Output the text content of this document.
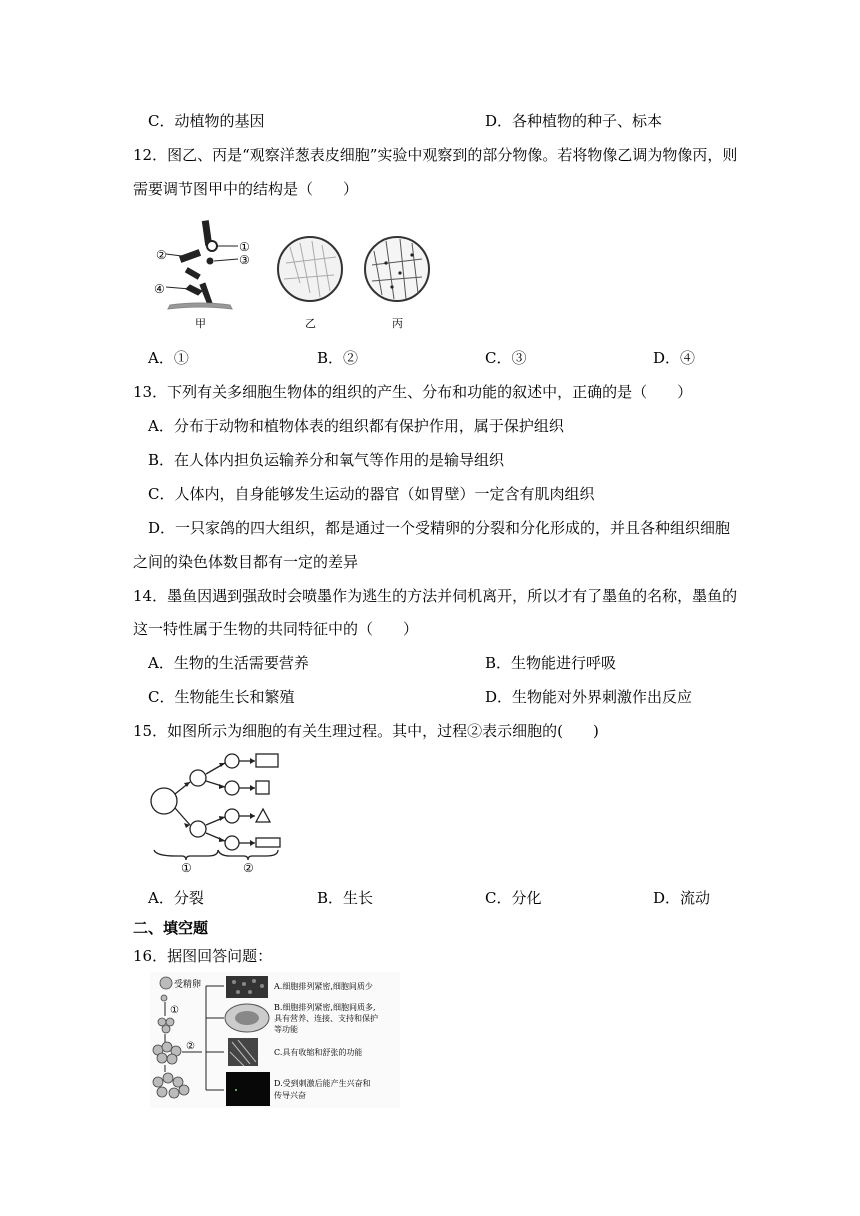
C．动植物的基因	D．各种植物的种子、标本
12．图乙、丙是“观察洋葱表皮细胞”实验中观察到的部分物像。若将物像乙调为物像丙，则
需要调节图甲中的结构是（　　）
②
①
③
④
甲	乙	丙
A．①	B．②	C．③	D．④
13．下列有关多细胞生物体的组织的产生、分布和功能的叙述中，正确的是（　　）
A．分布于动物和植物体表的组织都有保护作用，属于保护组织
B．在人体内担负运输养分和氧气等作用的是输导组织
C．人体内，自身能够发生运动的器官（如胃壁）一定含有肌肉组织
D．一只家鸽的四大组织，都是通过一个受精卵的分裂和分化形成的，并且各种组织细胞
之间的染色体数目都有一定的差异
14．墨鱼因遇到强敌时会喷墨作为逃生的方法并伺机离开，所以才有了墨鱼的名称，墨鱼的
这一特性属于生物的共同特征中的（　　）
A．生物的生活需要营养	B．生物能进行呼吸
C．生物能生长和繁殖	D．生物能对外界刺激作出反应
15．如图所示为细胞的有关生理过程。其中，过程②表示细胞的(　　)
①	②
A．分裂	B．生长	C．分化	D．流动
二、填空题
16．据图回答问题：
受精卵
①
②
A.细胞排列紧密,细胞间质少
B.细胞排列紧密,细胞间质多,
具有营养、连接、支持和保护
等功能
C.具有收缩和舒张的功能
D.受到刺激后能产生兴奋和
传导兴奋
